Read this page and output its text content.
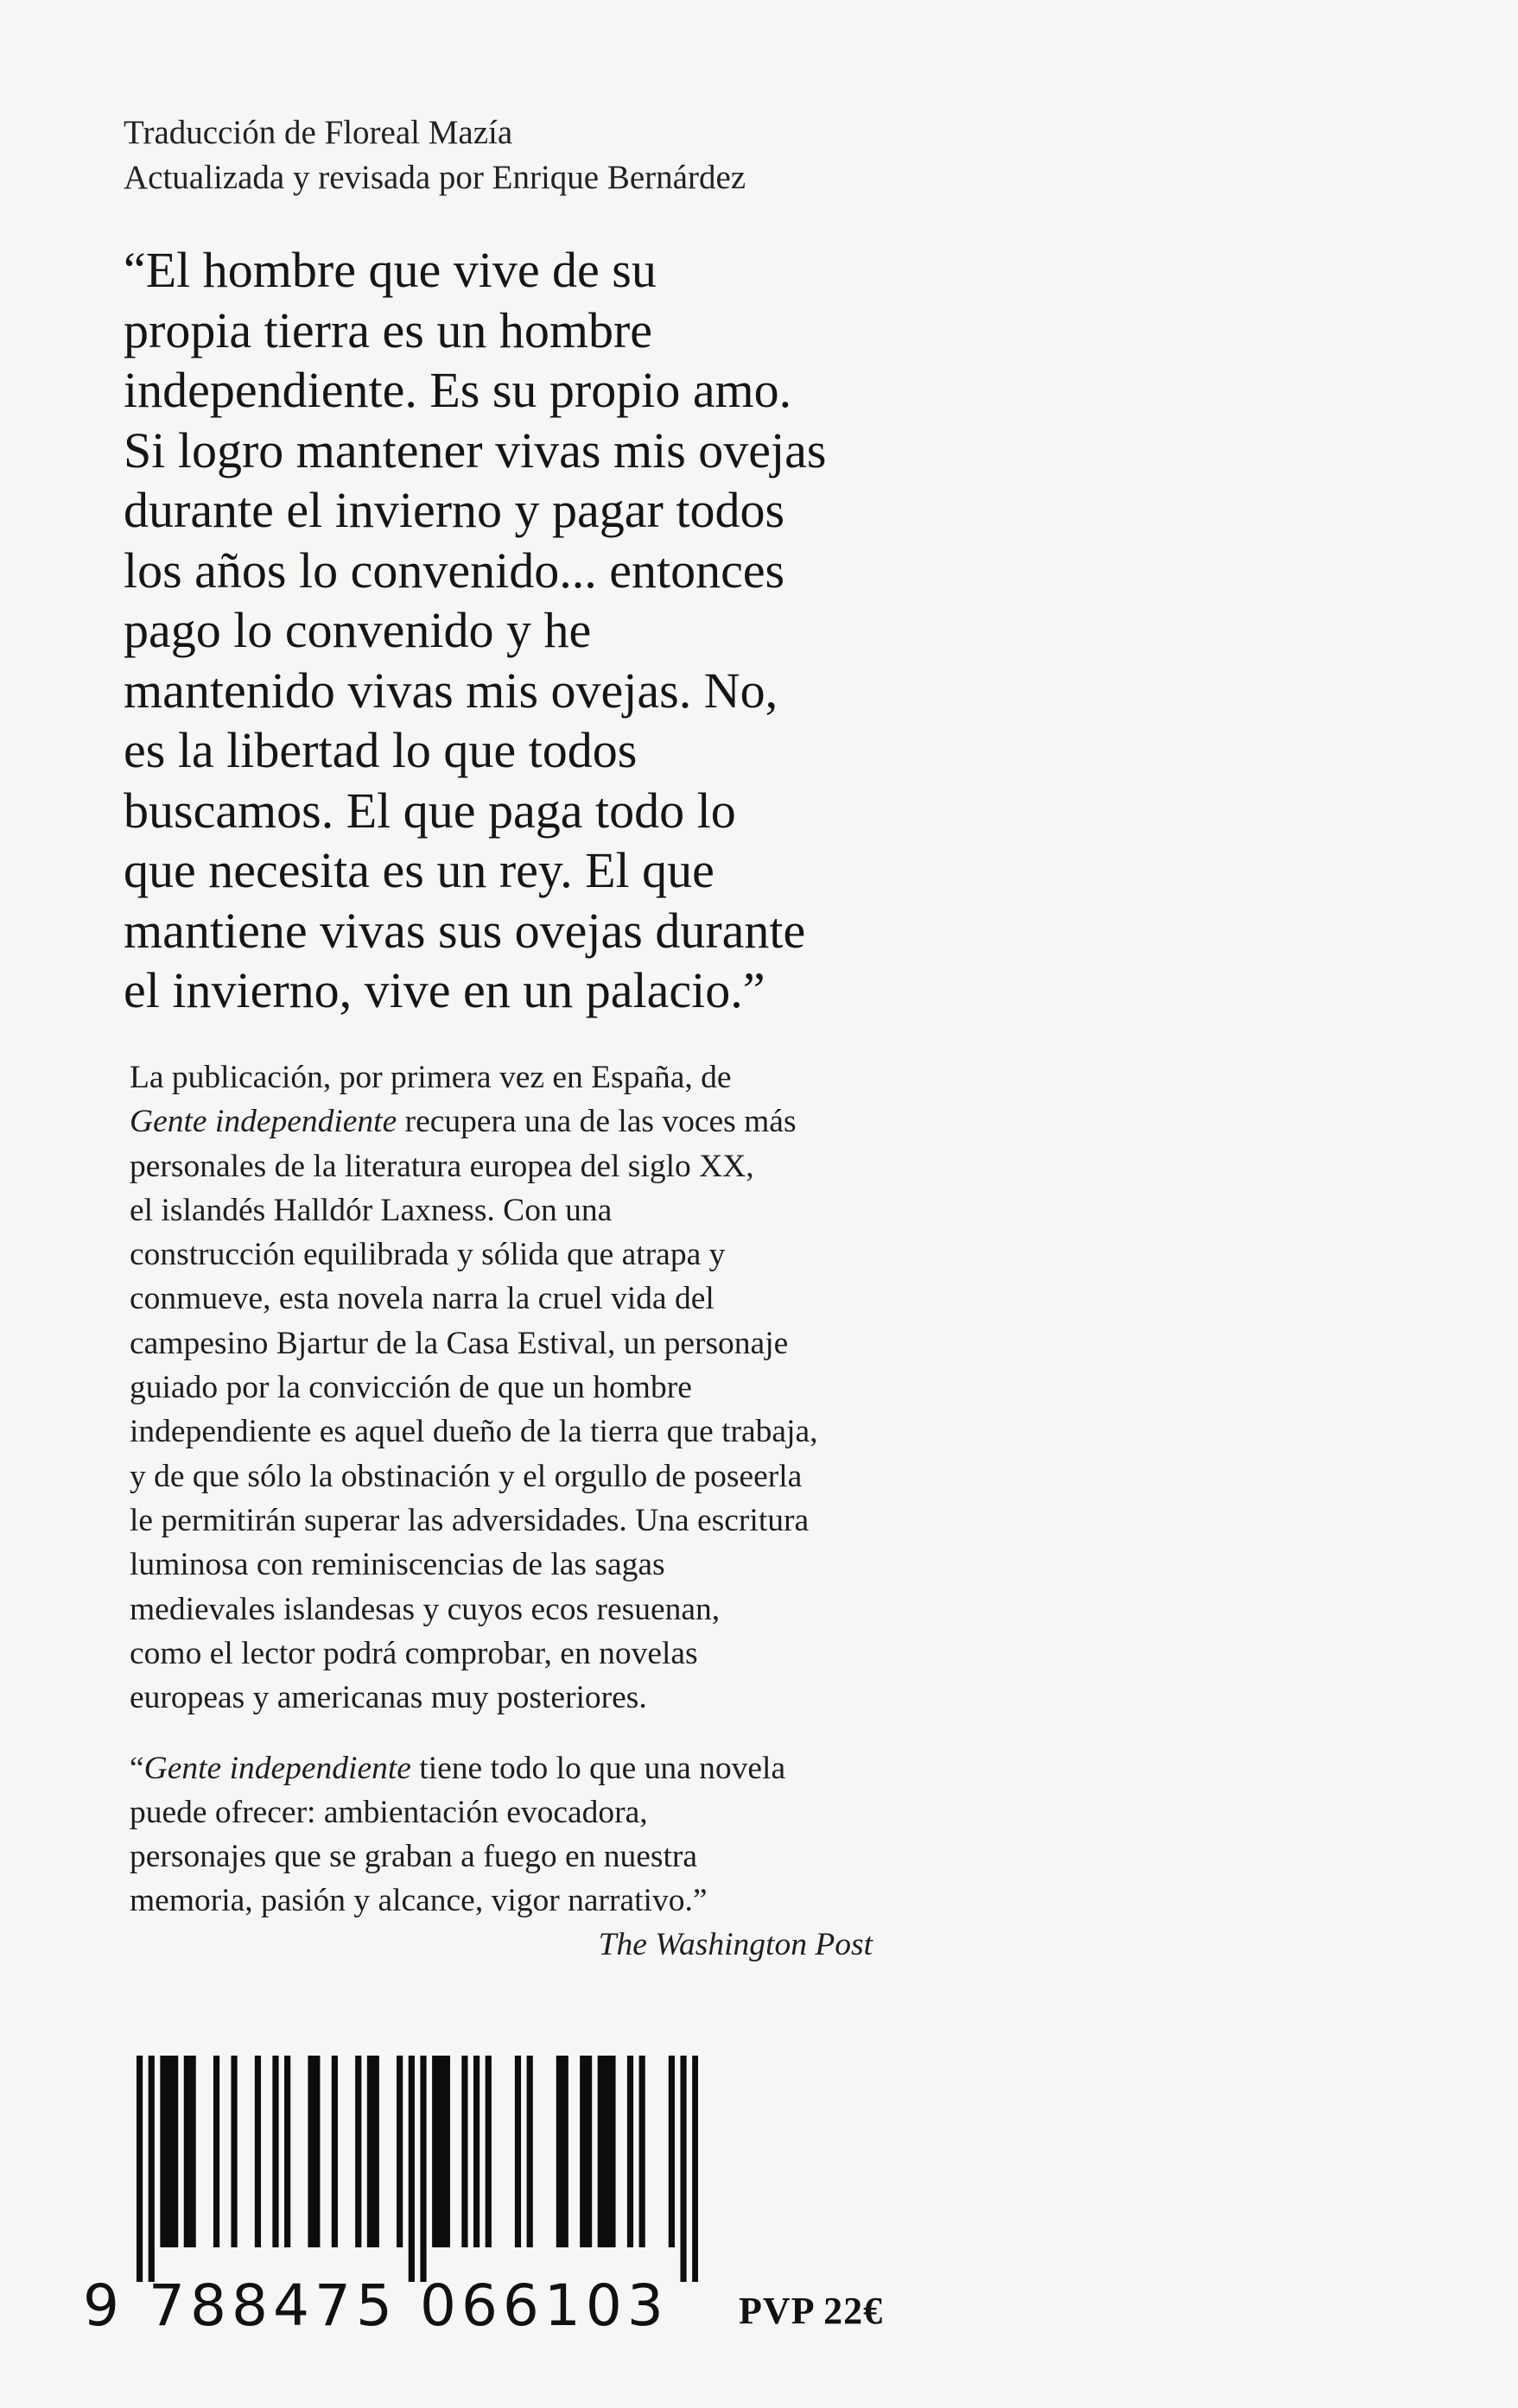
Traducción de Floreal Mazía
Actualizada y revisada por Enrique Bernárdez
“El hombre que vive de su
propia tierra es un hombre
independiente. Es su propio amo.
Si logro mantener vivas mis ovejas
durante el invierno y pagar todos
los años lo convenido... entonces
pago lo convenido y he
mantenido vivas mis ovejas. No,
es la libertad lo que todos
buscamos. El que paga todo lo
que necesita es un rey. El que
mantiene vivas sus ovejas durante
el invierno, vive en un palacio.”
La publicación, por primera vez en España, de
Gente independiente recupera una de las voces más
personales de la literatura europea del siglo XX,
el islandés Halldór Laxness. Con una
construcción equilibrada y sólida que atrapa y
conmueve, esta novela narra la cruel vida del
campesino Bjartur de la Casa Estival, un personaje
guiado por la convicción de que un hombre
independiente es aquel dueño de la tierra que trabaja,
y de que sólo la obstinación y el orgullo de poseerla
le permitirán superar las adversidades. Una escritura
luminosa con reminiscencias de las sagas
medievales islandesas y cuyos ecos resuenan,
como el lector podrá comprobar, en novelas
europeas y americanas muy posteriores.
“Gente independiente tiene todo lo que una novela
puede ofrecer: ambientación evocadora,
personajes que se graban a fuego en nuestra
memoria, pasión y alcance, vigor narrativo.”
The Washington Post
9 788475 066103 PVP 22€
